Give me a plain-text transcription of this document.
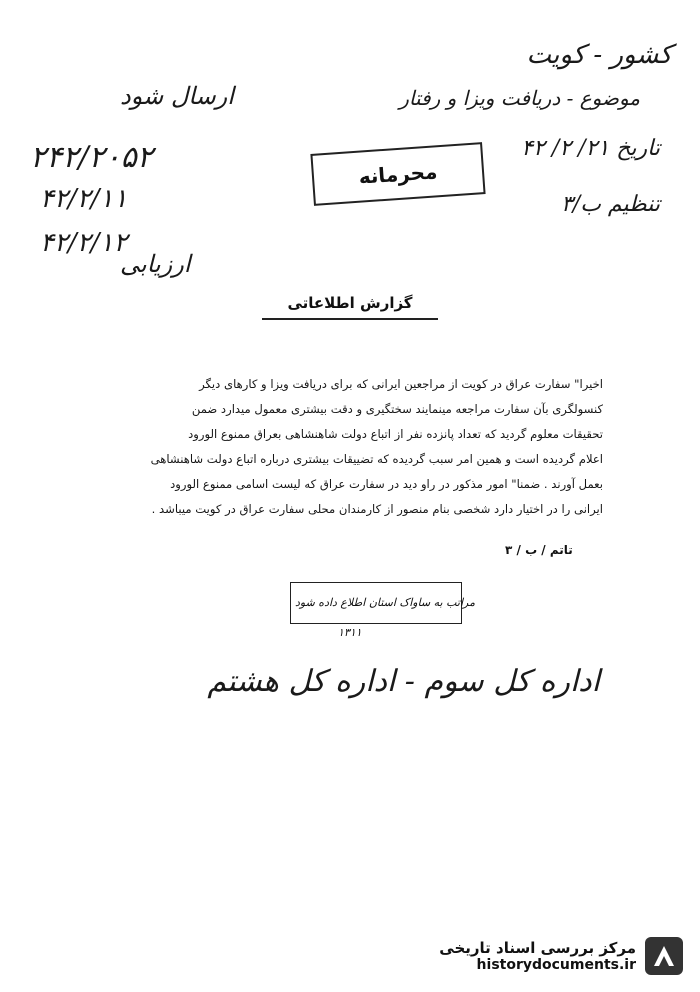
کشور - کویت
موضوع - دریافت ویزا و رفتار
ارسال شود
تاریخ ۲۱/ ۲/ ۴۲
تنظیم ب/۳
۲۴۲/۲۰۵۲
۴۲/۲/۱۱
۴۲/۲/۱۲
ارزیابی
محرمانه
گزارش اطلاعاتی
اخیرا" سفارت عراق در کویت از مراجعین ایرانی که برای دریافت ویزا و کارهای دیگر
کنسولگری بآن سفارت مراجعه مینمایند سختگیری و دقت بیشتری معمول میدارد ضمن
تحقیقات معلوم گردید که تعداد پانزده نفر از اتباع دولت شاهنشاهی بعراق ممنوع الورود
اعلام گردیده است و همین امر سبب گردیده که تضییقات بیشتری درباره اتباع دولت شاهنشاهی
بعمل آورند . ضمنا" امور مذکور در راو دید در سفارت عراق که لیست اسامی ممنوع الورود
ایرانی را در اختیار دارد شخصی بنام منصور از کارمندان محلی سفارت عراق در کویت میباشد .
تاتم / ب / ۳
مراتب به ساواک استان اطلاع داده شود
۱۳۱۱
اداره کل سوم - اداره کل هشتم
مرکز بررسی اسناد تاریخی
historydocuments.ir
